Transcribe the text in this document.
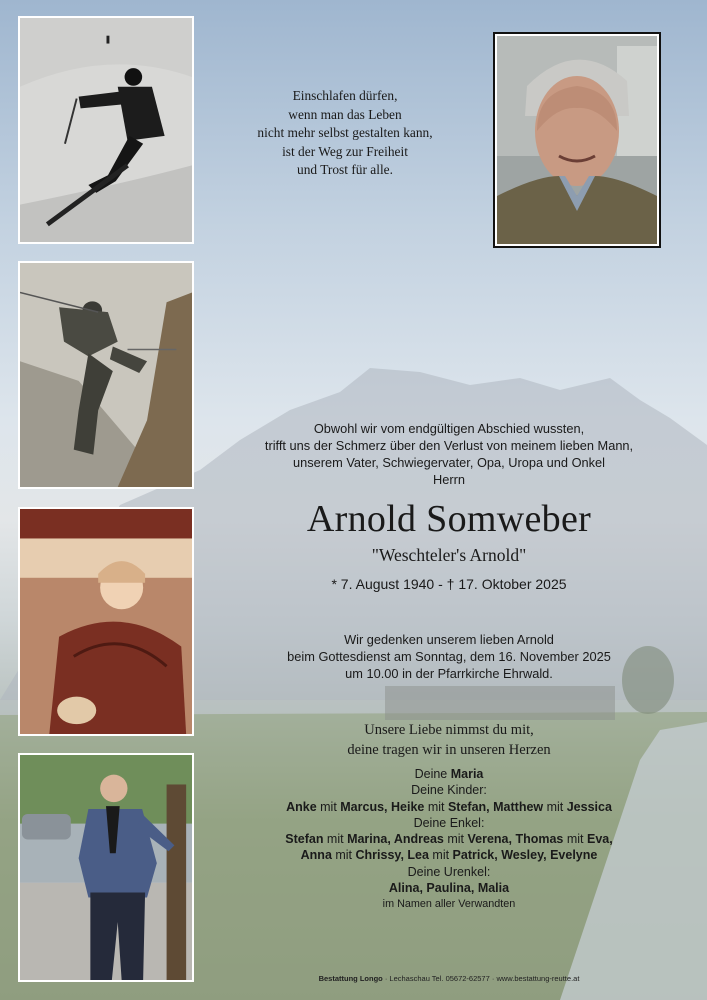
Einschlafen dürfen,
wenn man das Leben
nicht mehr selbst gestalten kann,
ist der Weg zur Freiheit
und Trost für alle.
Obwohl wir vom endgültigen Abschied wussten,
trifft uns der Schmerz über den Verlust von meinem lieben Mann,
unserem Vater, Schwiegervater, Opa, Uropa und Onkel
Herrn
Arnold Somweber
"Weschteler's Arnold"
* 7. August 1940 - † 17. Oktober 2025
Wir gedenken unserem lieben Arnold
beim Gottesdienst am Sonntag, dem 16. November 2025
um 10.00 in der Pfarrkirche Ehrwald.
Unsere Liebe nimmst du mit,
deine tragen wir in unseren Herzen
Deine Maria
Deine Kinder:
Anke mit Marcus, Heike mit Stefan, Matthew mit Jessica
Deine Enkel:
Stefan mit Marina, Andreas mit Verena, Thomas mit Eva,
Anna mit Chrissy, Lea mit Patrick, Wesley, Evelyne
Deine Urenkel:
Alina, Paulina, Malia
im Namen aller Verwandten
Bestattung Longo · Lechaschau Tel. 05672-62577 · www.bestattung-reutte.at
